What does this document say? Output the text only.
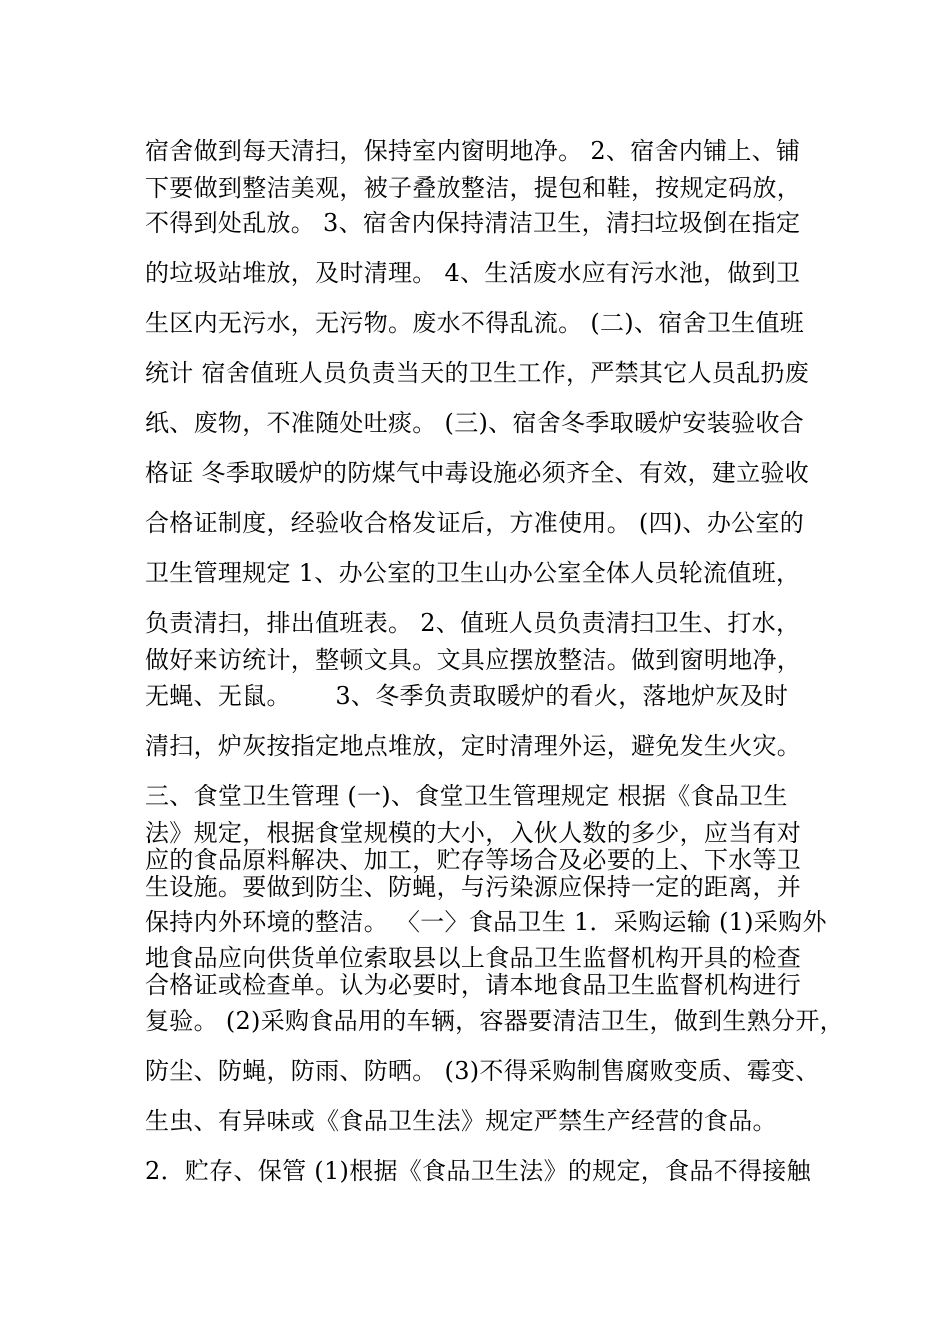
宿舍做到每天清扫，保持室内窗明地净。 2、宿舍内铺上、铺
下要做到整洁美观，被子叠放整洁，提包和鞋，按规定码放，
不得到处乱放。 3、宿舍内保持清洁卫生，清扫垃圾倒在指定
的垃圾站堆放，及时清理。 4、生活废水应有污水池，做到卫
生区内无污水，无污物。废水不得乱流。 (二)、宿舍卫生值班
统计 宿舍值班人员负责当天的卫生工作，严禁其它人员乱扔废
纸、废物，不准随处吐痰。 (三)、宿舍冬季取暖炉安装验收合
格证 冬季取暖炉的防煤气中毒设施必须齐全、有效，建立验收
合格证制度，经验收合格发证后，方准使用。 (四)、办公室的
卫生管理规定 1、办公室的卫生山办公室全体人员轮流值班，
负责清扫，排出值班表。 2、值班人员负责清扫卫生、打水，
做好来访统计，整顿文具。文具应摆放整洁。做到窗明地净，
无蝇、无鼠。　　 3、冬季负责取暖炉的看火，落地炉灰及时
清扫，炉灰按指定地点堆放，定时清理外运，避免发生火灾。
三、食堂卫生管理 (一)、食堂卫生管理规定 根据《食品卫生
法》规定，根据食堂规模的大小，入伙人数的多少，应当有对
应的食品原料解决、加工，贮存等场合及必要的上、下水等卫
生设施。要做到防尘、防蝇，与污染源应保持一定的距离，并
保持内外环境的整洁。 〈一〉食品卫生 1．采购运输 (1)采购外
地食品应向供货单位索取县以上食品卫生监督机构开具的检查
合格证或检查单。认为必要时，请本地食品卫生监督机构进行
复验。 (2)采购食品用的车辆，容器要清洁卫生，做到生熟分开，
防尘、防蝇，防雨、防晒。 (3)不得采购制售腐败变质、霉变、
生虫、有异味或《食品卫生法》规定严禁生产经营的食品。
2．贮存、保管 (1)根据《食品卫生法》的规定，食品不得接触
